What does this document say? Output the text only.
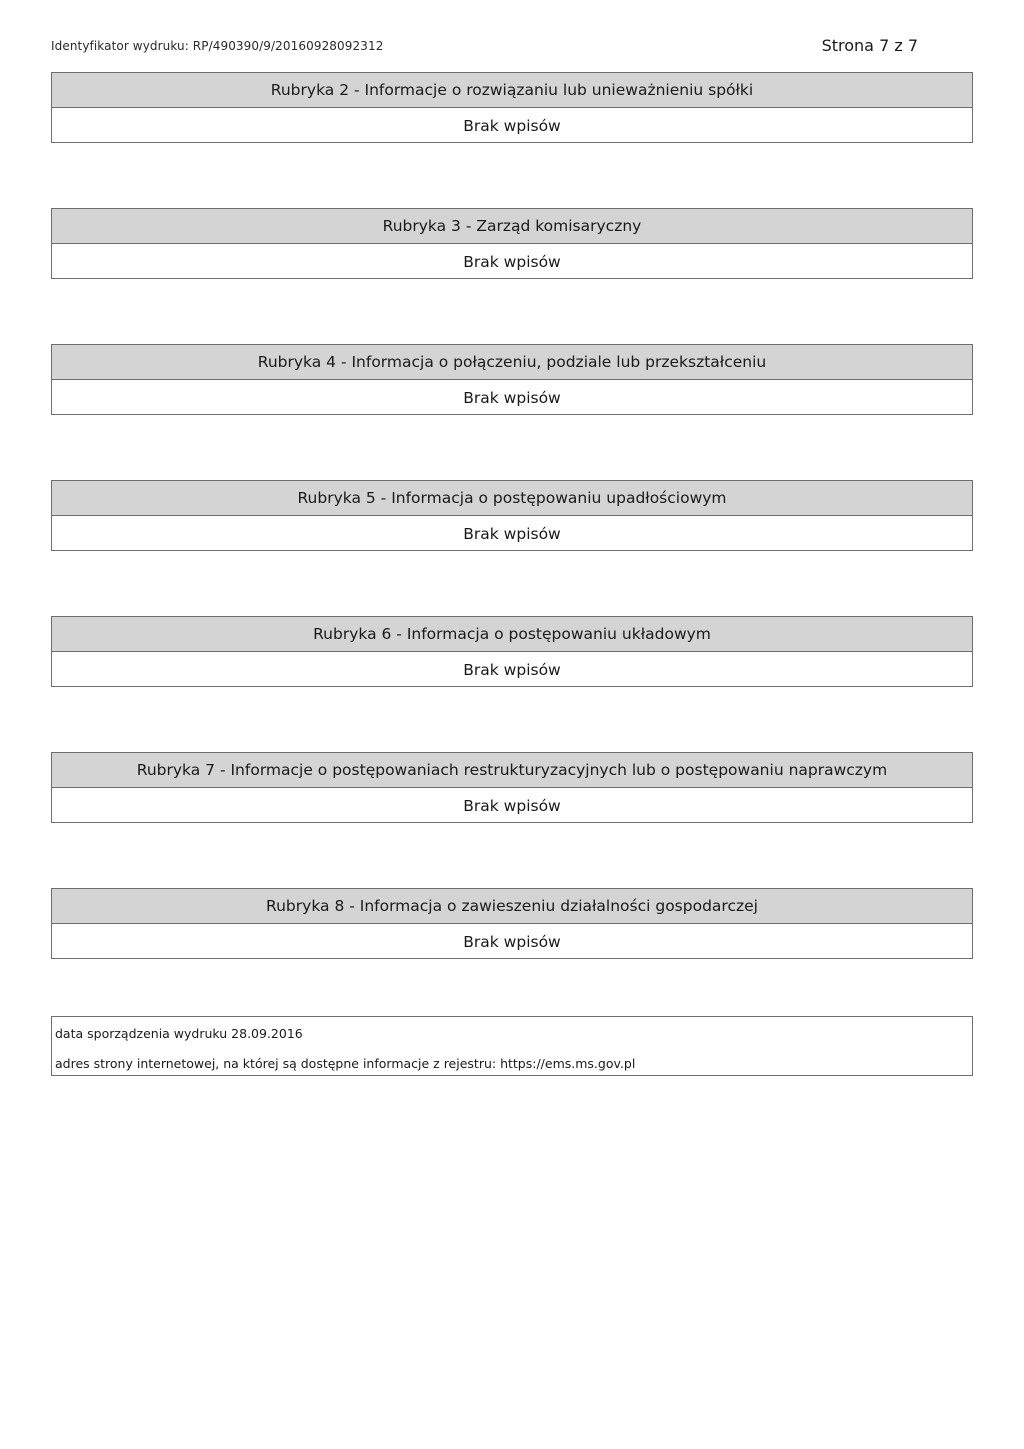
Identyfikator wydruku: RP/490390/9/20160928092312	Strona 7 z 7
Rubryka 2 - Informacje o rozwiązaniu lub unieważnieniu spółki
Brak wpisów
Rubryka 3 - Zarząd komisaryczny
Brak wpisów
Rubryka 4 - Informacja o połączeniu, podziale lub przekształceniu
Brak wpisów
Rubryka 5 - Informacja o postępowaniu upadłościowym
Brak wpisów
Rubryka 6 - Informacja o postępowaniu układowym
Brak wpisów
Rubryka 7 - Informacje o postępowaniach restrukturyzacyjnych lub o postępowaniu naprawczym
Brak wpisów
Rubryka 8 - Informacja o zawieszeniu działalności gospodarczej
Brak wpisów
data sporządzenia wydruku 28.09.2016
adres strony internetowej, na której są dostępne informacje z rejestru: https://ems.ms.gov.pl
